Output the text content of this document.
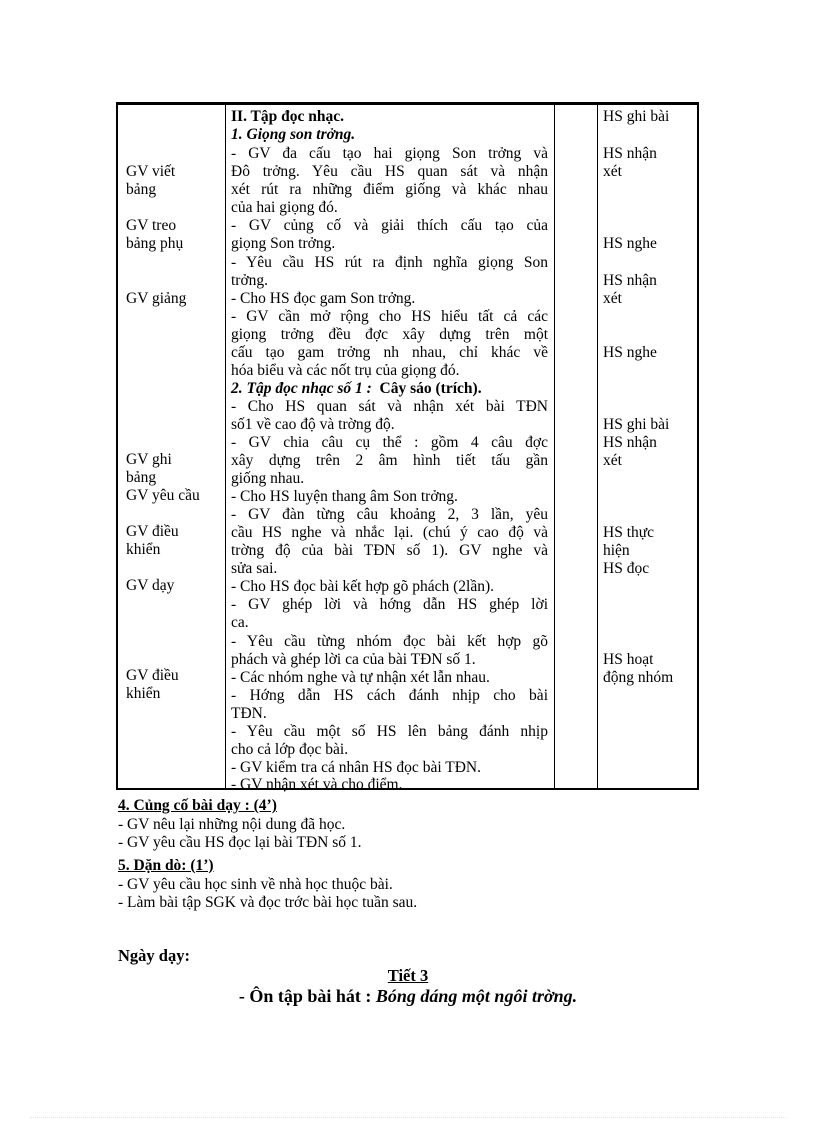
GV viết
bảng
GV treo
bảng phụ
GV giảng
GV ghi
bảng
GV yêu cầu
GV điều
khiển
GV dạy
GV điều
khiển
II. Tập đọc nhạc.
1. Giọng son trởng.
- GV đa cấu tạo hai giọng Son trởng và
Đô trởng. Yêu cầu HS quan sát và nhận
xét rút ra những điểm giống và khác nhau
của hai giọng đó.
- GV củng cố và giải thích cấu tạo của
giọng Son trởng.
- Yêu cầu HS rút ra định nghĩa giọng Son
trởng.
- Cho HS đọc gam Son trởng.
- GV cần mở rộng cho HS hiểu tất cả các
giọng trởng đều đợc xây dựng trên một
cấu tạo gam trởng nh nhau, chỉ khác về
hóa biểu và các nốt trụ của giọng đó.
2. Tập đọc nhạc số 1 : Cây sáo (trích).
- Cho HS quan sát và nhận xét bài TĐN
số1 về cao độ và trờng độ.
- GV chia câu cụ thể : gồm 4 câu đợc
xây dựng trên 2 âm hình tiết tấu gần
giống nhau.
- Cho HS luyện thang âm Son trởng.
- GV đàn từng câu khoảng 2, 3 lần, yêu
cầu HS nghe và nhắc lại. (chú ý cao độ và
trờng độ của bài TĐN số 1). GV nghe và
sửa sai.
- Cho HS đọc bài kết hợp gõ phách (2lần).
- GV ghép lời và hớng dẫn HS ghép lời
ca.
- Yêu cầu từng nhóm đọc bài kết hợp gõ
phách và ghép lời ca của bài TĐN số 1.
- Các nhóm nghe và tự nhận xét lẫn nhau.
- Hớng dẫn HS cách đánh nhịp cho bài
TĐN.
- Yêu cầu một số HS lên bảng đánh nhịp
cho cả lớp đọc bài.
- GV kiểm tra cá nhân HS đọc bài TĐN.
- GV nhận xét và cho điểm.
HS ghi bài
HS nhận
xét
HS nghe
HS nhận
xét
HS nghe
HS ghi bài
HS nhận
xét
HS thực
hiện
HS đọc
HS hoạt
động nhóm
4. Củng cố bài dạy : (4’)
- GV nêu lại những nội dung đã học.
- GV yêu cầu HS đọc lại bài TĐN số 1.
5. Dặn dò: (1’)
- GV yêu cầu học sinh về nhà học thuộc bài.
- Làm bài tập SGK và đọc trớc bài học tuần sau.
Ngày dạy:
Tiết 3
- Ôn tập bài hát : Bóng dáng một ngôi trờng.
